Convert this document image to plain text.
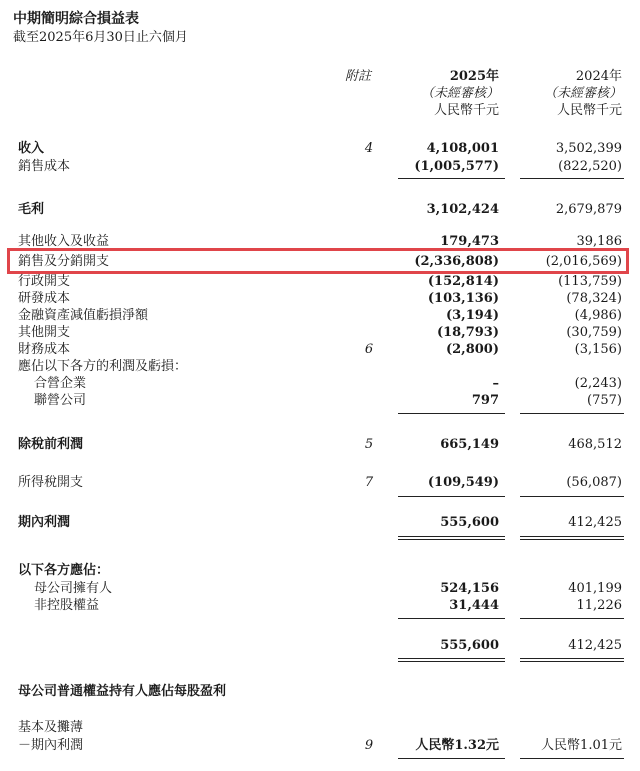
中期簡明綜合損益表
截至2025年6月30日止六個月
附註	2025年
（未經審核）
人民幣千元
2024年
（未經審核）
人民幣千元
收入	4	4,108,001	3,502,399
銷售成本	(1,005,577)	(822,520)
毛利	3,102,424	2,679,879
其他收入及收益	179,473	39,186
銷售及分銷開支	(2,336,808)	(2,016,569)
行政開支	(152,814)	(113,759)
研發成本	(103,136)	(78,324)
金融資產減值虧損淨額	(3,194)	(4,986)
其他開支	(18,793)	(30,759)
財務成本	6	(2,800)	(3,156)
應佔以下各方的利潤及虧損：
合營企業	–	(2,243)
聯營公司	797	(757)
除稅前利潤	5	665,149	468,512
所得稅開支	7	(109,549)	(56,087)
期內利潤	555,600	412,425
以下各方應佔：
母公司擁有人	524,156	401,199
非控股權益	31,444	11,226
555,600	412,425
母公司普通權益持有人應佔每股盈利
基本及攤薄
－期內利潤	9	人民幣1.32元	人民幣1.01元
